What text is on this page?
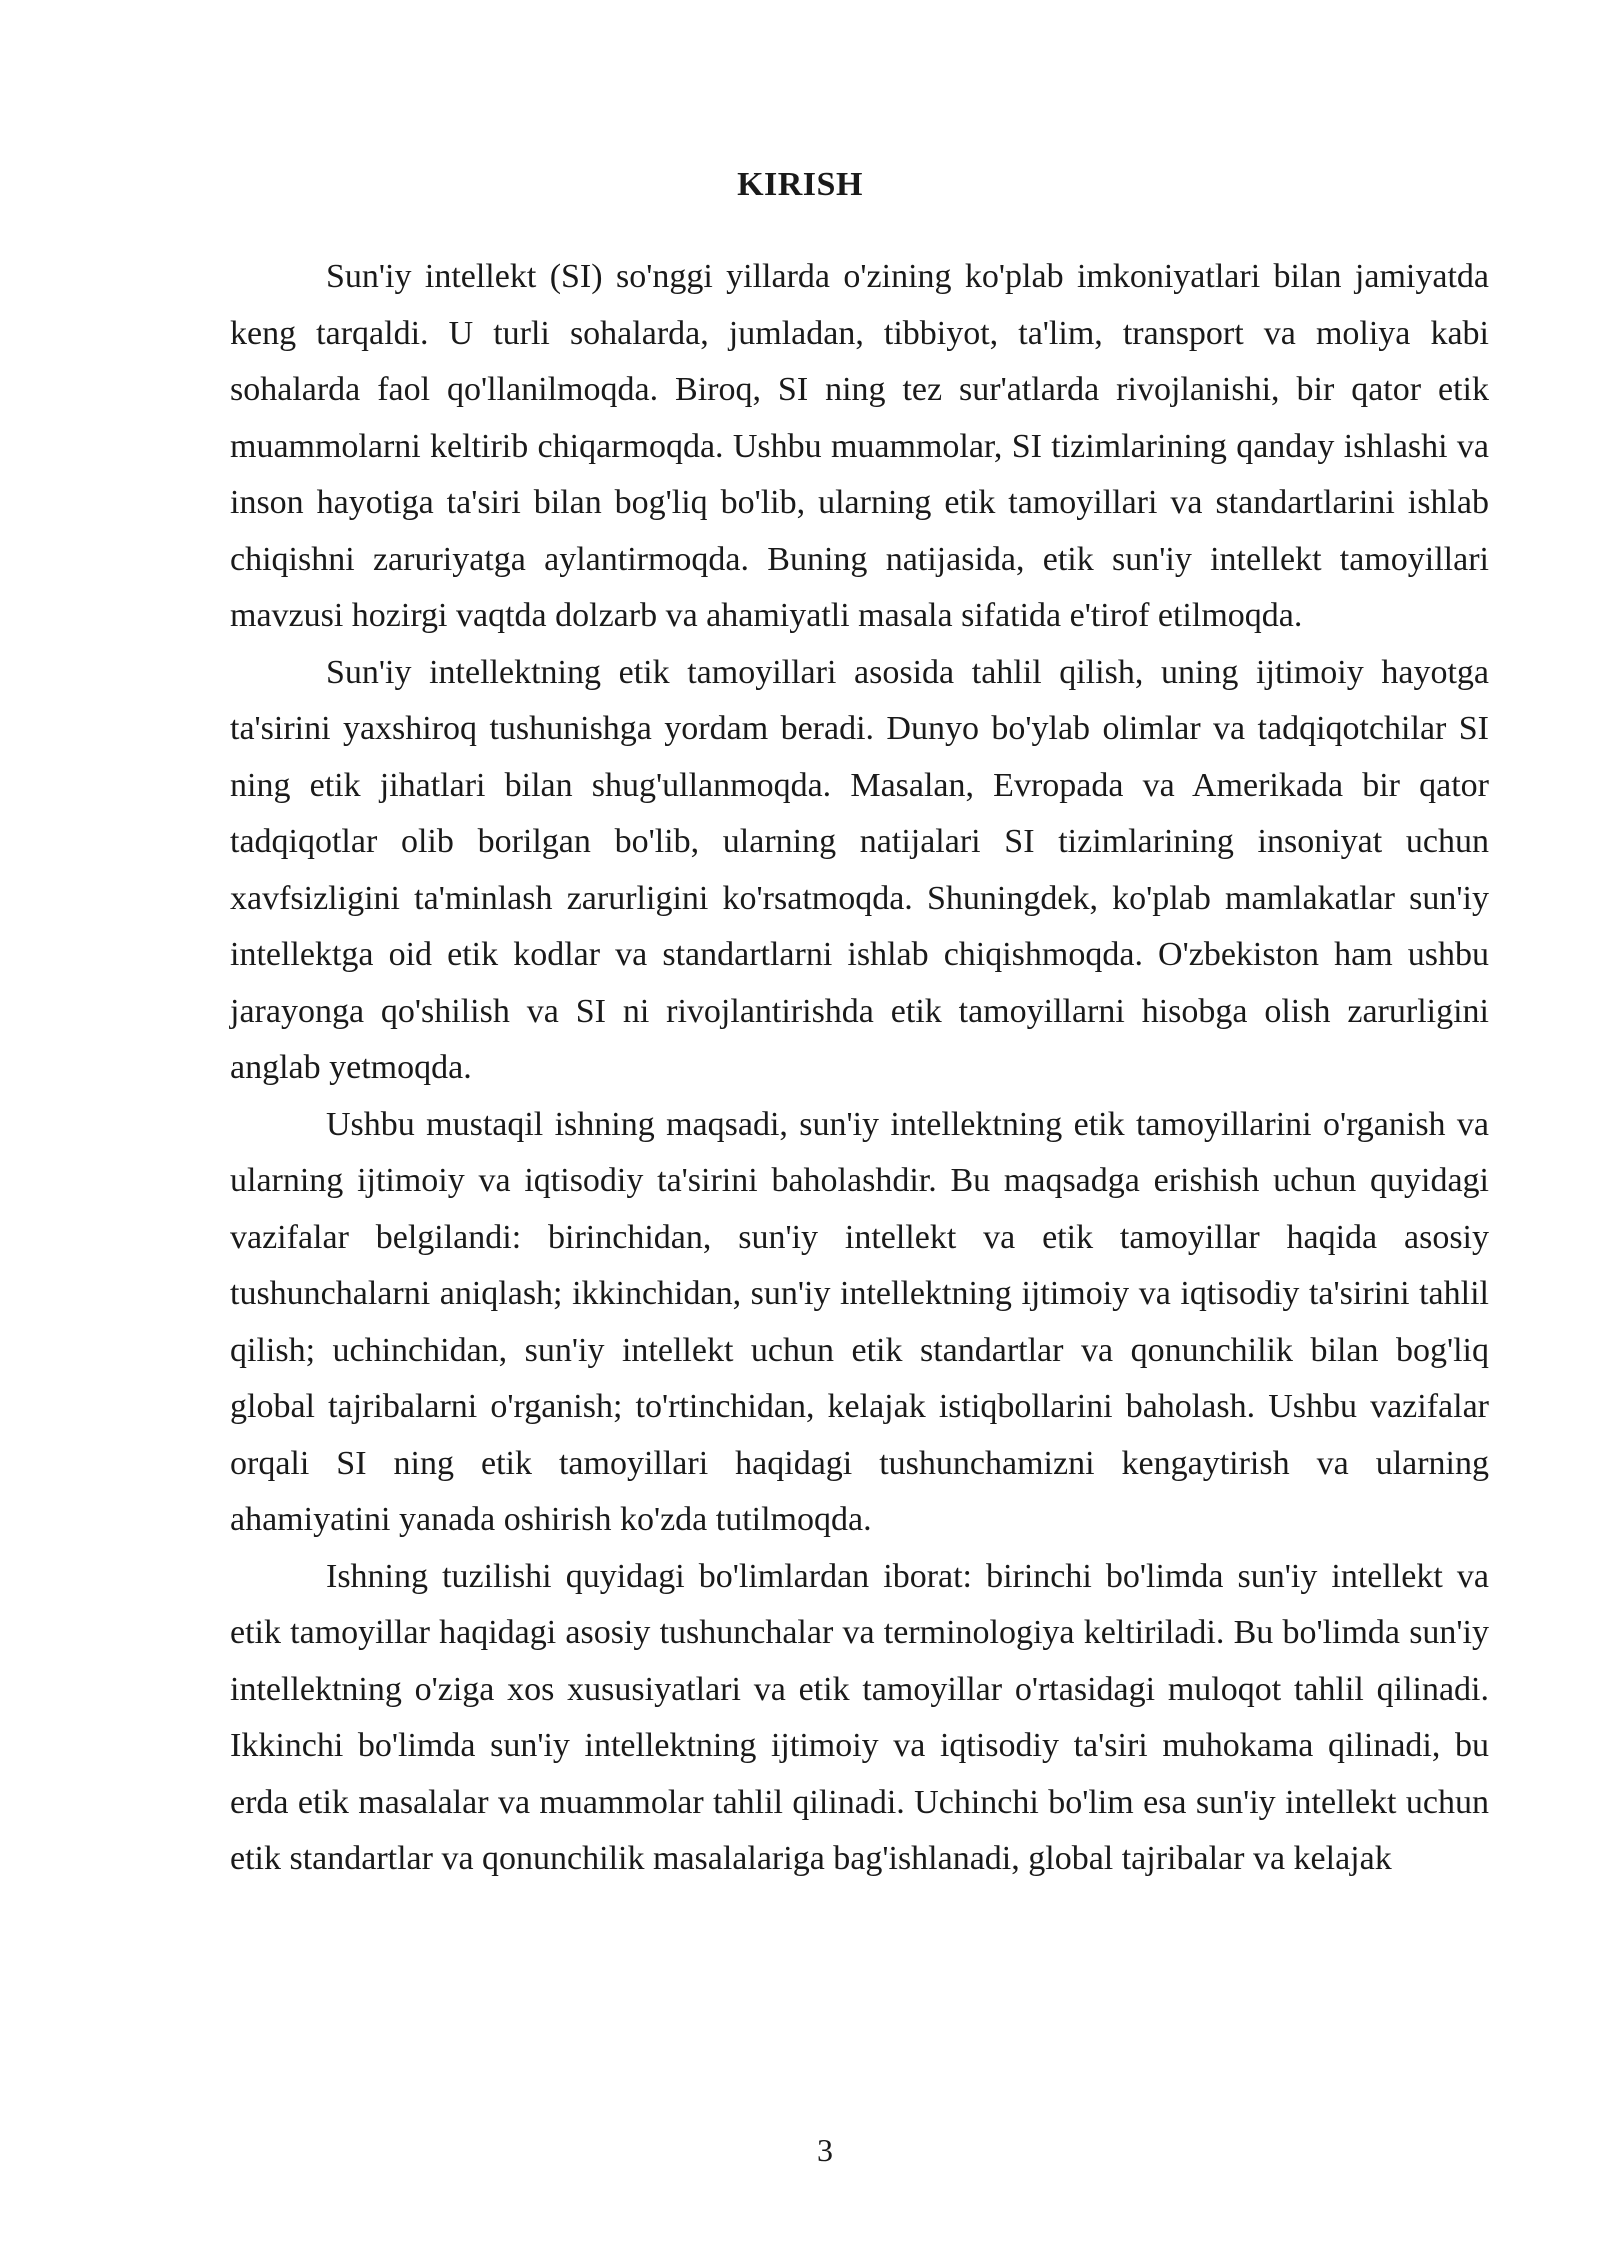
KIRISH

Sun'iy intellekt (SI) so'nggi yillarda o'zining ko'plab imkoniyatlari bilan jamiyatda keng tarqaldi. U turli sohalarda, jumladan, tibbiyot, ta'lim, transport va moliya kabi sohalarda faol qo'llanilmoqda. Biroq, SI ning tez sur'atlarda rivojlanishi, bir qator etik muammolarni keltirib chiqarmoqda. Ushbu muammolar, SI tizimlarining qanday ishlashi va inson hayotiga ta'siri bilan bog'liq bo'lib, ularning etik tamoyillari va standartlarini ishlab chiqishni zaruriyatga aylantirmoqda. Buning natijasida, etik sun'iy intellekt tamoyillari mavzusi hozirgi vaqtda dolzarb va ahamiyatli masala sifatida e'tirof etilmoqda.

Sun'iy intellektning etik tamoyillari asosida tahlil qilish, uning ijtimoiy hayotga ta'sirini yaxshiroq tushunishga yordam beradi. Dunyo bo'ylab olimlar va tadqiqotchilar SI ning etik jihatlari bilan shug'ullanmoqda. Masalan, Evropada va Amerikada bir qator tadqiqotlar olib borilgan bo'lib, ularning natijalari SI tizimlarining insoniyat uchun xavfsizligini ta'minlash zarurligini ko'rsatmoqda. Shuningdek, ko'plab mamlakatlar sun'iy intellektga oid etik kodlar va standartlarni ishlab chiqishmoqda. O'zbekiston ham ushbu jarayonga qo'shilish va SI ni rivojlantirishda etik tamoyillarni hisobga olish zarurligini anglab yetmoqda.

Ushbu mustaqil ishning maqsadi, sun'iy intellektning etik tamoyillarini o'rganish va ularning ijtimoiy va iqtisodiy ta'sirini baholashdir. Bu maqsadga erishish uchun quyidagi vazifalar belgilandi: birinchidan, sun'iy intellekt va etik tamoyillar haqida asosiy tushunchalarni aniqlash; ikkinchidan, sun'iy intellektning ijtimoiy va iqtisodiy ta'sirini tahlil qilish; uchinchidan, sun'iy intellekt uchun etik standartlar va qonunchilik bilan bog'liq global tajribalarni o'rganish; to'rtinchidan, kelajak istiqbollarini baholash. Ushbu vazifalar orqali SI ning etik tamoyillari haqidagi tushunchamizni kengaytirish va ularning ahamiyatini yanada oshirish ko'zda tutilmoqda.

Ishning tuzilishi quyidagi bo'limlardan iborat: birinchi bo'limda sun'iy intellekt va etik tamoyillar haqidagi asosiy tushunchalar va terminologiya keltiriladi. Bu bo'limda sun'iy intellektning o'ziga xos xususiyatlari va etik tamoyillar o'rtasidagi muloqot tahlil qilinadi. Ikkinchi bo'limda sun'iy intellektning ijtimoiy va iqtisodiy ta'siri muhokama qilinadi, bu erda etik masalalar va muammolar tahlil qilinadi. Uchinchi bo'lim esa sun'iy intellekt uchun etik standartlar va qonunchilik masalalariga bag'ishlanadi, global tajribalar va kelajak

3
